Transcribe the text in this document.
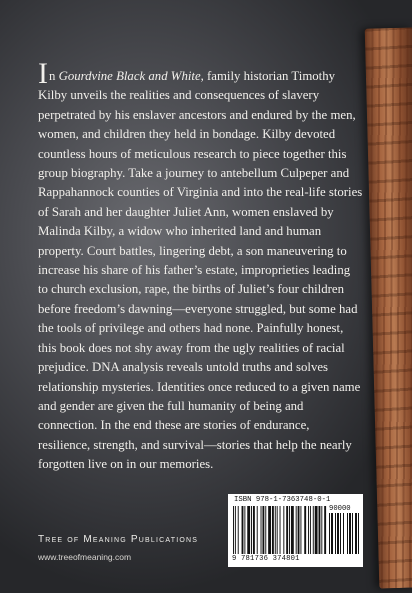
In Gourdvine Black and White, family historian Timothy Kilby unveils the realities and consequences of slavery perpetrated by his enslaver ancestors and endured by the men, women, and children they held in bondage. Kilby devoted countless hours of meticulous research to piece together this group biography. Take a journey to antebellum Culpeper and Rappahannock counties of Virginia and into the real-life stories of Sarah and her daughter Juliet Ann, women enslaved by Malinda Kilby, a widow who inherited land and human property. Court battles, lingering debt, a son maneuvering to increase his share of his father’s estate, improprieties leading to church exclusion, rape, the births of Juliet’s four children before freedom’s dawning—everyone struggled, but some had the tools of privilege and others had none. Painfully honest, this book does not shy away from the ugly realities of racial prejudice. DNA analysis reveals untold truths and solves relationship mysteries. Identities once reduced to a given name and gender are given the full humanity of being and connection. In the end these are stories of endurance, resilience, strength, and survival—stories that help the nearly forgotten live on in our memories.

Tree of Meaning Publications
www.treeofmeaning.com
ISBN 978-1-7363748-0-1
90000
9 781736 374801
